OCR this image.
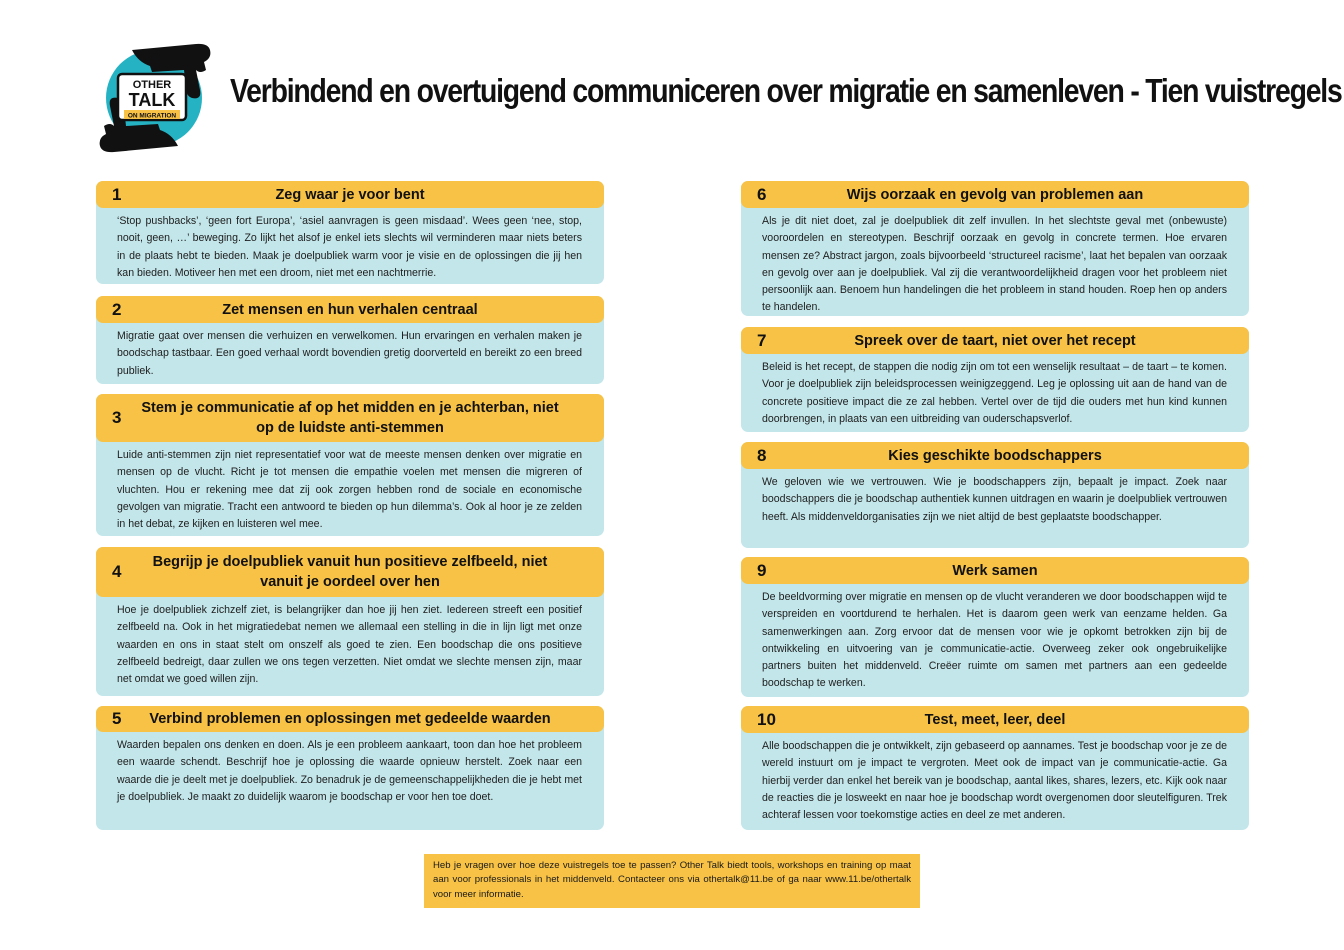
OTHER
TALK
ON MIGRATION
Verbindend en overtuigend communiceren over migratie en samenleven - Tien vuistregels
1	Zeg waar je voor bent
‘Stop pushbacks’, ‘geen fort Europa’, ‘asiel aanvragen is geen misdaad’. Wees geen ‘nee, stop, nooit, geen, …’ beweging. Zo lijkt het alsof je enkel iets slechts wil verminderen maar niets beters in de plaats hebt te bieden. Maak je doelpubliek warm voor je visie en de oplossingen die jij hen kan bieden. Motiveer hen met een droom, niet met een nachtmerrie.
2	Zet mensen en hun verhalen centraal
Migratie gaat over mensen die verhuizen en verwelkomen. Hun ervaringen en verhalen maken je boodschap tastbaar. Een goed verhaal wordt bovendien gretig doorverteld en bereikt zo een breed publiek.
3	Stem je communicatie af op het midden en je achterban, niet op de luidste anti-stemmen
Luide anti-stemmen zijn niet representatief voor wat de meeste mensen denken over migratie en mensen op de vlucht. Richt je tot mensen die empathie voelen met mensen die migreren of vluchten. Hou er rekening mee dat zij ook zorgen hebben rond de sociale en economische gevolgen van migratie. Tracht een antwoord te bieden op hun dilemma’s. Ook al hoor je ze zelden in het debat, ze kijken en luisteren wel mee.
4	Begrijp je doelpubliek vanuit hun positieve zelfbeeld, niet vanuit je oordeel over hen
Hoe je doelpubliek zichzelf ziet, is belangrijker dan hoe jij hen ziet. Iedereen streeft een positief zelfbeeld na. Ook in het migratiedebat nemen we allemaal een stelling in die in lijn ligt met onze waarden en ons in staat stelt om onszelf als goed te zien. Een boodschap die ons positieve zelfbeeld bedreigt, daar zullen we ons tegen verzetten. Niet omdat we slechte mensen zijn, maar net omdat we goed willen zijn.
5 Verbind problemen en oplossingen met gedeelde waarden
Waarden bepalen ons denken en doen. Als je een probleem aankaart, toon dan hoe het probleem een waarde schendt. Beschrijf hoe je oplossing die waarde opnieuw herstelt. Zoek naar een waarde die je deelt met je doelpubliek. Zo benadruk je de gemeenschappelijkheden die je hebt met je doelpubliek. Je maakt zo duidelijk waarom je boodschap er voor hen toe doet.
6	Wijs oorzaak en gevolg van problemen aan
Als je dit niet doet, zal je doelpubliek dit zelf invullen. In het slechtste geval met (onbewuste) vooroordelen en stereotypen. Beschrijf oorzaak en gevolg in concrete termen. Hoe ervaren mensen ze? Abstract jargon, zoals bijvoorbeeld ‘structureel racisme’, laat het bepalen van oorzaak en gevolg over aan je doelpubliek. Val zij die verantwoordelijkheid dragen voor het probleem niet persoonlijk aan. Benoem hun handelingen die het probleem in stand houden. Roep hen op anders te handelen.
7	Spreek over de taart, niet over het recept
Beleid is het recept, de stappen die nodig zijn om tot een wenselijk resultaat – de taart – te komen. Voor je doelpubliek zijn beleidsprocessen weinigzeggend. Leg je oplossing uit aan de hand van de concrete positieve impact die ze zal hebben. Vertel over de tijd die ouders met hun kind kunnen doorbrengen, in plaats van een uitbreiding van ouderschapsverlof.
8	Kies geschikte boodschappers
We geloven wie we vertrouwen. Wie je boodschappers zijn, bepaalt je impact. Zoek naar boodschappers die je boodschap authentiek kunnen uitdragen en waarin je doelpubliek vertrouwen heeft. Als middenveldorganisaties zijn we niet altijd de best geplaatste boodschapper.
9	Werk samen
De beeldvorming over migratie en mensen op de vlucht veranderen we door boodschappen wijd te verspreiden en voortdurend te herhalen. Het is daarom geen werk van eenzame helden. Ga samenwerkingen aan. Zorg ervoor dat de mensen voor wie je opkomt betrokken zijn bij de ontwikkeling en uitvoering van je communicatie-actie. Overweeg zeker ook ongebruikelijke partners buiten het middenveld. Creëer ruimte om samen met partners aan een gedeelde boodschap te werken.
10	Test, meet, leer, deel
Alle boodschappen die je ontwikkelt, zijn gebaseerd op aannames. Test je boodschap voor je ze de wereld instuurt om je impact te vergroten. Meet ook de impact van je communicatie-actie. Ga hierbij verder dan enkel het bereik van je boodschap, aantal likes, shares, lezers, etc. Kijk ook naar de reacties die je losweekt en naar hoe je boodschap wordt overgenomen door sleutelfiguren. Trek achteraf lessen voor toekomstige acties en deel ze met anderen.
Heb je vragen over hoe deze vuistregels toe te passen? Other Talk biedt tools, workshops en training op maat aan voor professionals in het middenveld. Contacteer ons via othertalk@11.be of ga naar www.11.be/othertalk voor meer informatie.
